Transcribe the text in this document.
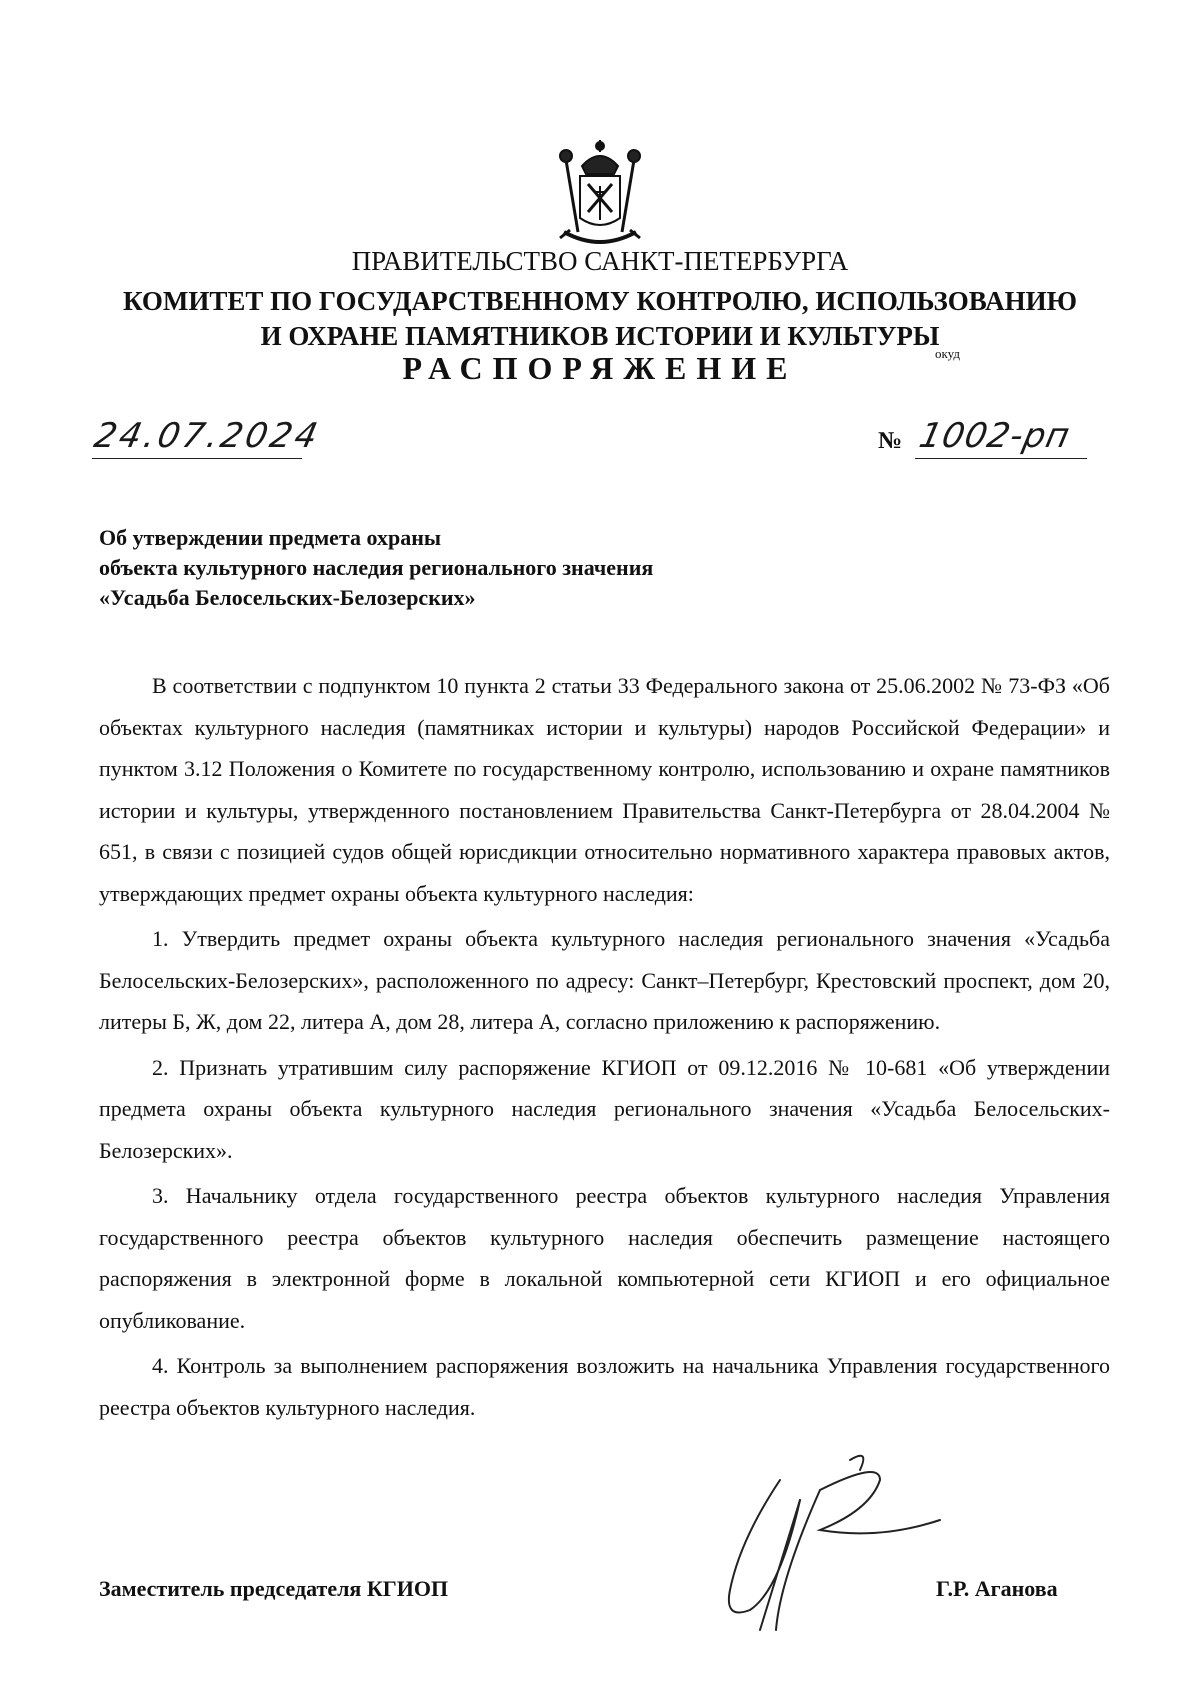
ПРАВИТЕЛЬСТВО САНКТ-ПЕТЕРБУРГА
КОМИТЕТ ПО ГОСУДАРСТВЕННОМУ КОНТРОЛЮ, ИСПОЛЬЗОВАНИЮ
И ОХРАНЕ ПАМЯТНИКОВ ИСТОРИИ И КУЛЬТУРЫ
РАСПОРЯЖЕНИЕ	окуд
24.07.2024	№ 1002-рп
Об утверждении предмета охраны
объекта культурного наследия регионального значения
«Усадьба Белосельских-Белозерских»

В соответствии с подпунктом 10 пункта 2 статьи 33 Федерального закона от 25.06.2002 № 73-ФЗ «Об объектах культурного наследия (памятниках истории и культуры) народов Российской Федерации» и пунктом 3.12 Положения о Комитете по государственному контролю, использованию и охране памятников истории и культуры, утвержденного постановлением Правительства Санкт-Петербурга от 28.04.2004 № 651, в связи с позицией судов общей юрисдикции относительно нормативного характера правовых актов, утверждающих предмет охраны объекта культурного наследия:

1. Утвердить предмет охраны объекта культурного наследия регионального значения «Усадьба Белосельских-Белозерских», расположенного по адресу: Санкт–Петербург, Крестовский проспект, дом 20, литеры Б, Ж, дом 22, литера А, дом 28, литера А, согласно приложению к распоряжению.

2. Признать утратившим силу распоряжение КГИОП от 09.12.2016 № 10-681 «Об утверждении предмета охраны объекта культурного наследия регионального значения «Усадьба Белосельских-Белозерских».

3. Начальнику отдела государственного реестра объектов культурного наследия Управления государственного реестра объектов культурного наследия обеспечить размещение настоящего распоряжения в электронной форме в локальной компьютерной сети КГИОП и его официальное опубликование.

4. Контроль за выполнением распоряжения возложить на начальника Управления государственного реестра объектов культурного наследия.

Заместитель председателя КГИОП	Г.Р. Аганова
